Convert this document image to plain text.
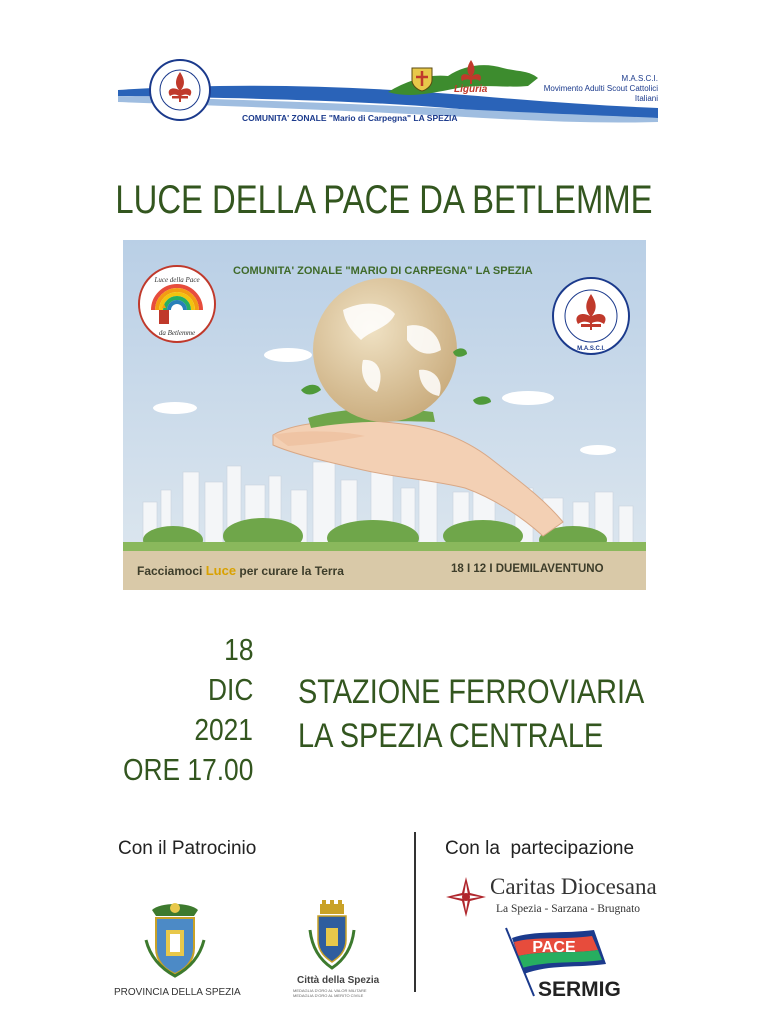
Liguria
M.A.S.C.I.
Movimento Adulti Scout Cattolici Italiani
COMUNITA' ZONALE "Mario di Carpegna" LA SPEZIA
LUCE DELLA PACE DA BETLEMME
COMUNITA' ZONALE "MARIO DI CARPEGNA" LA SPEZIA
Luce della Pace
da Betlemme
M.A.S.C.I.
Facciamoci Luce per curare la Terra	18 I 12 I DUEMILAVENTUNO
18
DIC
2021
ORE 17.00
STAZIONE FERROVIARIA
LA SPEZIA CENTRALE
Con il Patrocinio	Con la  partecipazione
PROVINCIA DELLA SPEZIA
Città della Spezia
MEDAGLIA D'ORO AL VALOR MILITARE MEDAGLIA D'ORO AL MERITO CIVILE
Caritas Diocesana
La Spezia - Sarzana - Brugnato
PACE
SERMIG
